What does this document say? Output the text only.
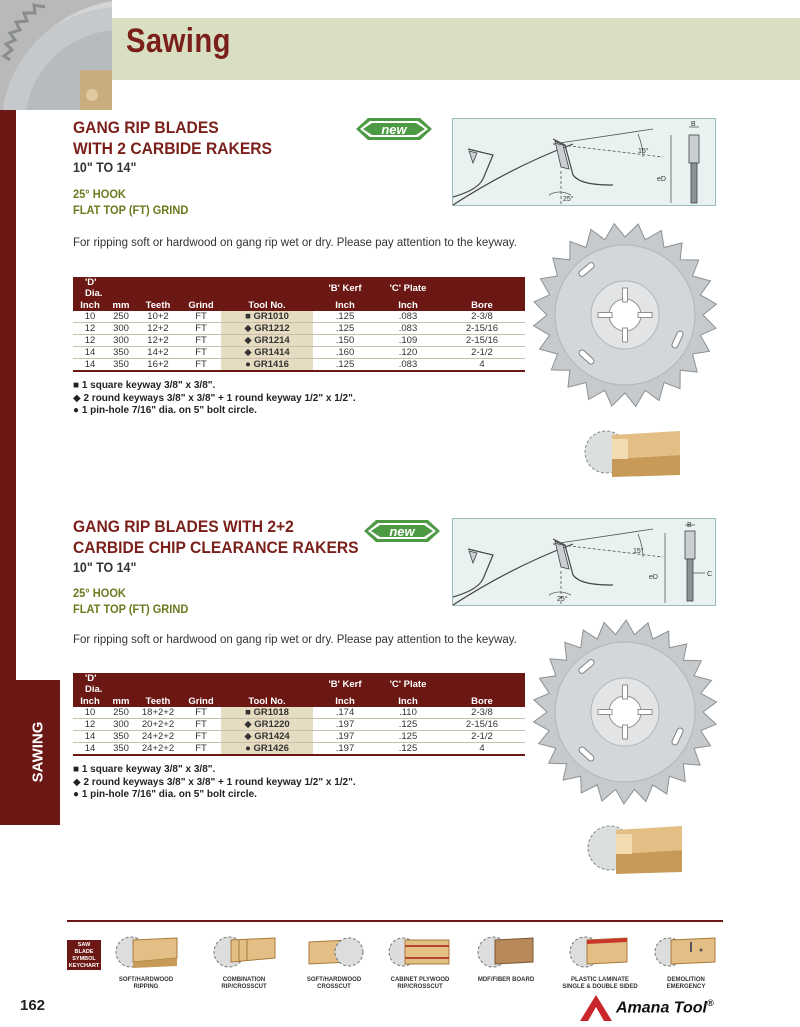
Sawing
SAWING
GANG RIP BLADES
WITH 2 CARBIDE RAKERS
10" TO 14"
25° HOOK
FLAT TOP (FT) GRIND
For ripping soft or hardwood on gang rip wet or dry. Please pay attention to the keyway.
new
15°
25°
B
eD
'D' Dia.					'B' Kerf	'C' Plate	
Inch	mm	Teeth	Grind	Tool No.	Inch	Inch	Bore
10	250	10+2	FT	■ GR1010	.125	.083	2-3/8
12	300	12+2	FT	◆ GR1212	.125	.083	2-15/16
12	300	12+2	FT	◆ GR1214	.150	.109	2-15/16
14	350	14+2	FT	◆ GR1414	.160	.120	2-1/2
14	350	16+2	FT	● GR1416	.125	.083	4
■ 1 square keyway 3/8" x 3/8".
◆ 2 round keyways 3/8" x 3/8" + 1 round keyway 1/2" x 1/2".
● 1 pin-hole 7/16" dia. on 5" bolt circle.
GANG RIP BLADES WITH 2+2
CARBIDE CHIP CLEARANCE RAKERS
10" TO 14"
25° HOOK
FLAT TOP (FT) GRIND
For ripping soft or hardwood on gang rip wet or dry. Please pay attention to the keyway.
new
15°
25°
B
C
eD
'D' Dia.					'B' Kerf	'C' Plate	
Inch	mm	Teeth	Grind	Tool No.	Inch	Inch	Bore
10	250	18+2+2	FT	■ GR1018	.174	.110	2-3/8
12	300	20+2+2	FT	◆ GR1220	.197	.125	2-15/16
14	350	24+2+2	FT	◆ GR1424	.197	.125	2-1/2
14	350	24+2+2	FT	● GR1426	.197	.125	4
■ 1 square keyway 3/8" x 3/8".
◆ 2 round keyways 3/8" x 3/8" + 1 round keyway 1/2" x 1/2".
● 1 pin-hole 7/16" dia. on 5" bolt circle.
SAW BLADE
SYMBOL
KEYCHART
SOFT/HARDWOOD
RIPPING
COMBINATION
RIP/CROSSCUT
SOFT/HARDWOOD
CROSSCUT
CABINET PLYWOOD
RIP/CROSSCUT
MDF/FIBER BOARD	PLASTIC LAMINATE
SINGLE & DOUBLE SIDED
DEMOLITION
EMERGENCY
162	Amana Tool®
